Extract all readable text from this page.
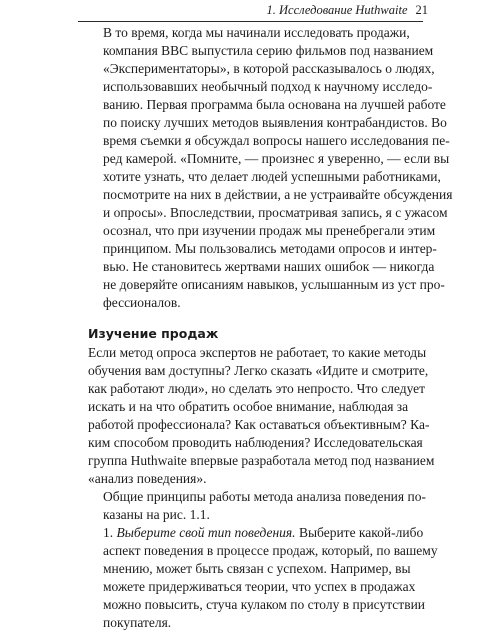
1. Исследование Huthwaite 21

В то время, когда мы начинали исследовать продажи,
компания BBC выпустила серию фильмов под названием
«Экспериментаторы», в которой рассказывалось о людях,
использовавших необычный подход к научному исследо-
ванию. Первая программа была основана на лучшей работе
по поиску лучших методов выявления контрабандистов. Во
время съемки я обсуждал вопросы нашего исследования пе-
ред камерой. «Помните, — произнес я уверенно, — если вы
хотите узнать, что делает людей успешными работниками,
посмотрите на них в действии, а не устраивайте обсуждения
и опросы». Впоследствии, просматривая запись, я с ужасом
осознал, что при изучении продаж мы пренебрегали этим
принципом. Мы пользовались методами опросов и интер-
вью. Не становитесь жертвами наших ошибок — никогда
не доверяйте описаниям навыков, услышанным из уст про-
фессионалов.

Изучение продаж

Если метод опроса экспертов не работает, то какие методы
обучения вам доступны? Легко сказать «Идите и смотрите,
как работают люди», но сделать это непросто. Что следует
искать и на что обратить особое внимание, наблюдая за
работой профессионала? Как оставаться объективным? Ка-
ким способом проводить наблюдения? Исследовательская
группа Huthwaite впервые разработала метод под названием
«анализ поведения».

Общие принципы работы метода анализа поведения по-
казаны на рис. 1.1.

1. Выберите свой тип поведения. Выберите какой-либо
аспект поведения в процессе продаж, который, по вашему
мнению, может быть связан с успехом. Например, вы
можете придерживаться теории, что успех в продажах
можно повысить, стуча кулаком по столу в присутствии
покупателя.
